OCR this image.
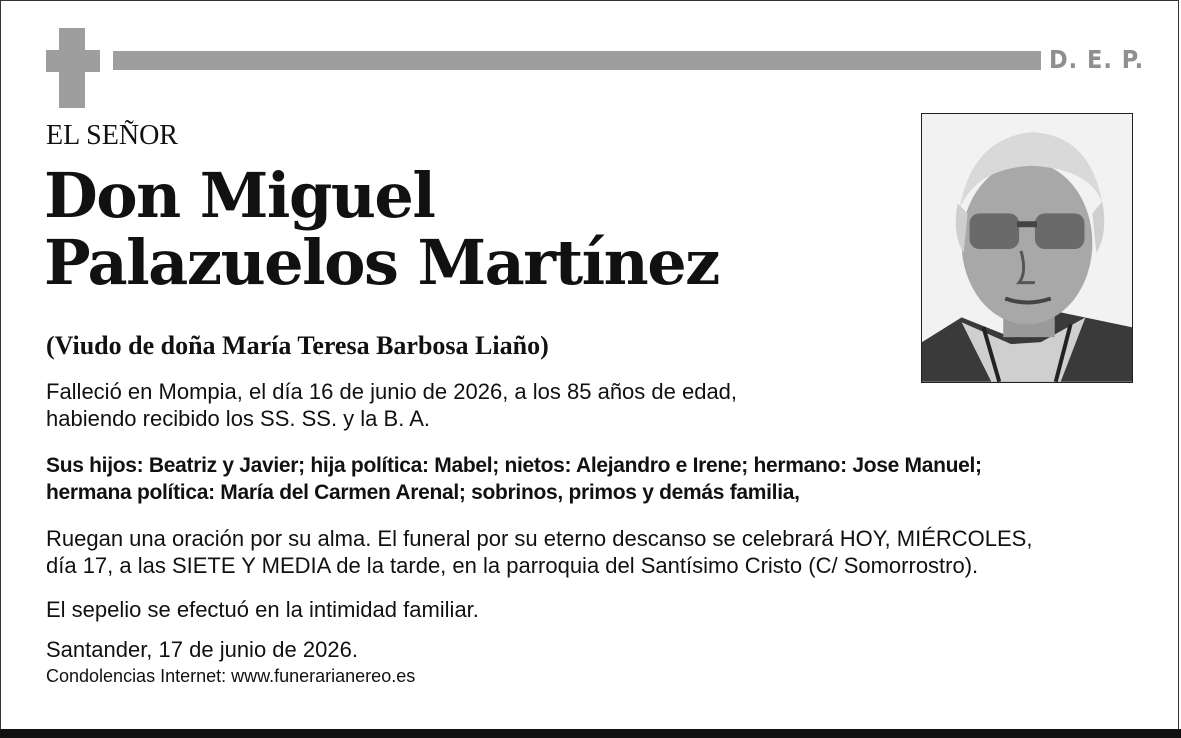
D. E. P.
EL SEÑOR
Don Miguel
Palazuelos Martínez
(Viudo de doña María Teresa Barbosa Liaño)
Falleció en Mompia, el día 16 de junio de 2026, a los 85 años de edad,
habiendo recibido los SS. SS. y la B. A.
Sus hijos: Beatriz y Javier; hija política: Mabel; nietos: Alejandro e Irene; hermano: Jose Manuel;
hermana política: María del Carmen Arenal; sobrinos, primos y demás familia,
Ruegan una oración por su alma. El funeral por su eterno descanso se celebrará HOY, MIÉRCOLES,
día 17, a las SIETE Y MEDIA de la tarde, en la parroquia del Santísimo Cristo (C/ Somorrostro).
El sepelio se efectuó en la intimidad familiar.
Santander, 17 de junio de 2026.
Condolencias Internet: www.funerarianereo.es
